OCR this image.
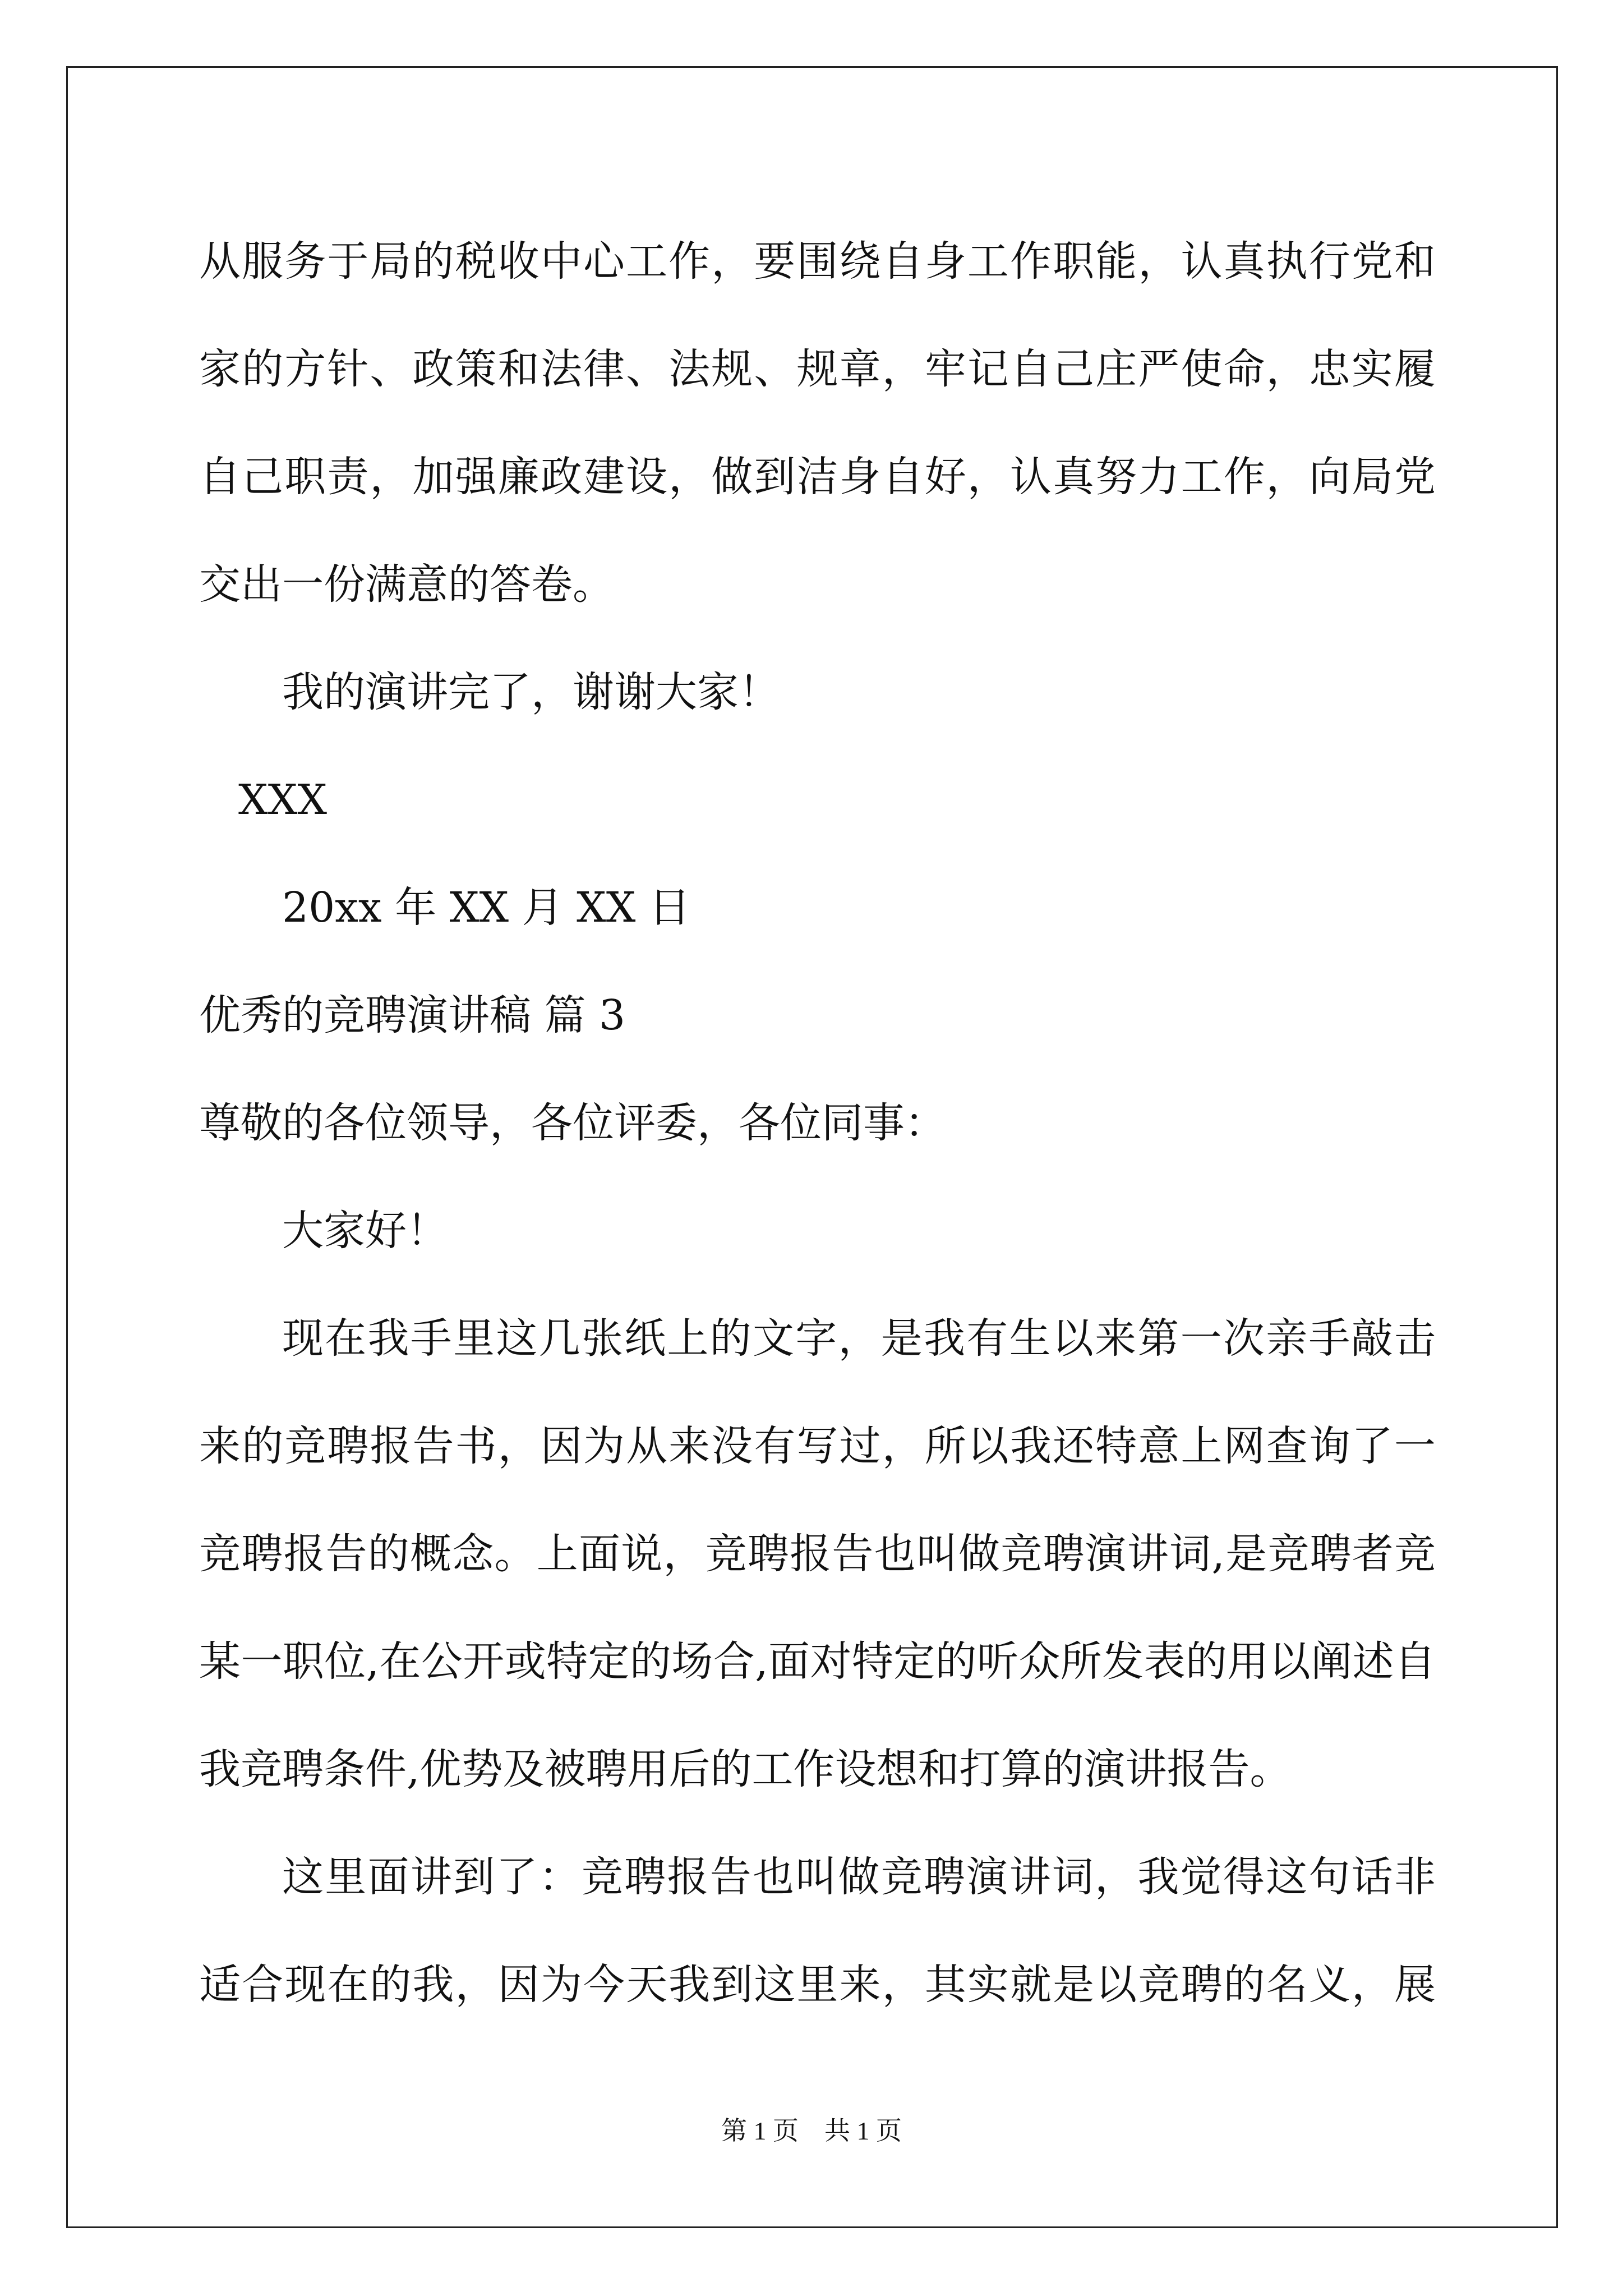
从服务于局的税收中心工作，要围绕自身工作职能，认真执行党和
家的方针、政策和法律、法规、规章，牢记自己庄严使命，忠实履
自己职责，加强廉政建设，做到洁身自好，认真努力工作，向局党
交出一份满意的答卷。
我的演讲完了，谢谢大家！
XXX
20xx 年 XX 月 XX 日
优秀的竞聘演讲稿 篇 3
尊敬的各位领导，各位评委，各位同事：
大家好！
现在我手里这几张纸上的文字，是我有生以来第一次亲手敲击
来的竞聘报告书，因为从来没有写过，所以我还特意上网查询了一
竞聘报告的概念。上面说，竞聘报告也叫做竞聘演讲词,是竞聘者竞
某一职位,在公开或特定的场合,面对特定的听众所发表的用以阐述自
我竞聘条件,优势及被聘用后的工作设想和打算的演讲报告。
这里面讲到了：竞聘报告也叫做竞聘演讲词，我觉得这句话非
适合现在的我，因为今天我到这里来，其实就是以竞聘的名义，展
第 1 页　共 1 页
